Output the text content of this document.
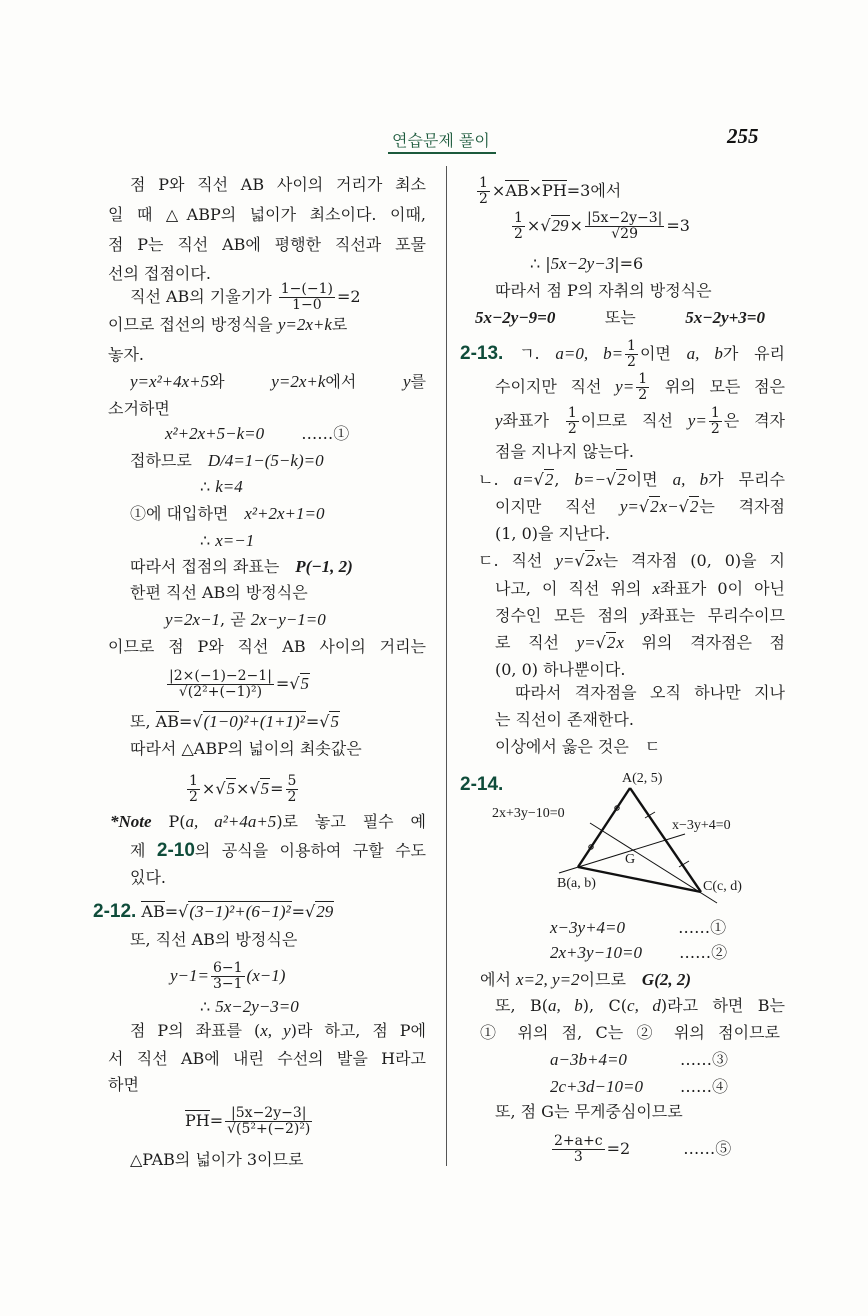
연습문제 풀이	255
점 P와 직선 AB 사이의 거리가 최소
일 때 △ABP의 넓이가 최소이다. 이때,
점 P는 직선 AB에 평행한 직선과 포물
선의 접점이다.
직선 AB의 기울기가 $\frac{1-(-1)}{1-0} =2$
이므로 접선의 방정식을 y=2x+k로
놓자.
y=x²+4x+5와 y=2x+k에서 y를
소거하면
x²+2x+5−k=0　　 ……①
접하므로　D/4=1−(5−k)=0
∴ k=4
①에 대입하면　x²+2x+1=0
∴ x=−1
따라서 접점의 좌표는　P(−1, 2)
한편 직선 AB의 방정식은
y=2x−1, 곧 2x−y−1=0
이므로 점 P와 직선 AB 사이의 거리는
$\frac{|2\times(-1)-2-1|}{\text{√(2²+(−1)²)}} =√5$
또, AB=√(1−0)²+(1+1)²=√5
따라서 △ABP의 넓이의 최솟값은
$\frac{1}{2} \times√5\times√5= \frac{5}{2}$
*Note P(a, a²+4a+5)로 놓고 필수 예
제 2-10의 공식을 이용하여 구할 수도
있다.
2-12. AB=√(3−1)²+(6−1)²=√29
또, 직선 AB의 방정식은
$y-1= \frac{6-1}{3-1} (x-1)$
∴ 5x−2y−3=0
점 P의 좌표를 (x, y)라 하고, 점 P에
서 직선 AB에 내린 수선의 발을 H라고
하면
$PH= \frac{|5x-2y-3|}{\text{√(5²+(−2)²)}}$
△PAB의 넓이가 3이므로
$\frac{1}{2} \times AB\times PH=3$에서
$\frac{1}{2} \times√29\times \frac{|5x-2y-3|}{√29} =3$
∴ |5x−2y−3|=6
따라서 점 P의 자취의 방정식은
5x−2y−9=0 또는 5x−2y+3=0
2-13. ㄱ. a=0, $b= \frac{1}{2}$ 이면 a, b가 유리
수이지만 직선 $y= \frac{1}{2}$ 위의 모든 점은
y좌표가 $\frac{1}{2}$ 이므로 직선 $y= \frac{1}{2}$ 은 격자
점을 지나지 않는다.
ㄴ. a=√2, b=−√2이면 a, b가 무리수
이지만 직선 y=√2x−√2는 격자점
(1, 0)을 지난다.
ㄷ. 직선 y=√2x는 격자점 (0, 0)을 지
나고, 이 직선 위의 x좌표가 0이 아닌
정수인 모든 점의 y좌표는 무리수이므
로 직선 y=√2x 위의 격자점은 점
(0, 0) 하나뿐이다.
따라서 격자점을 오직 하나만 지나
는 직선이 존재한다.
이상에서 옳은 것은　ㄷ
2-14.
x−3y+4=0　　　 ……①
2x+3y−10=0　　 ……②
에서 x=2, y=2이므로　G(2, 2)
또, B(a, b), C(c, d)라고 하면 B는
① 위의 점, C는 ② 위의 점이므로
a−3b+4=0　　　 ……③
2c+3d−10=0　　 ……④
또, 점 G는 무게중심이므로
$\frac{2+a+c}{3} =2$　　　 ……⑤
A(2, 5)
2x+3y−10=0
x−3y+4=0
G
B(a, b)	C(c, d)
